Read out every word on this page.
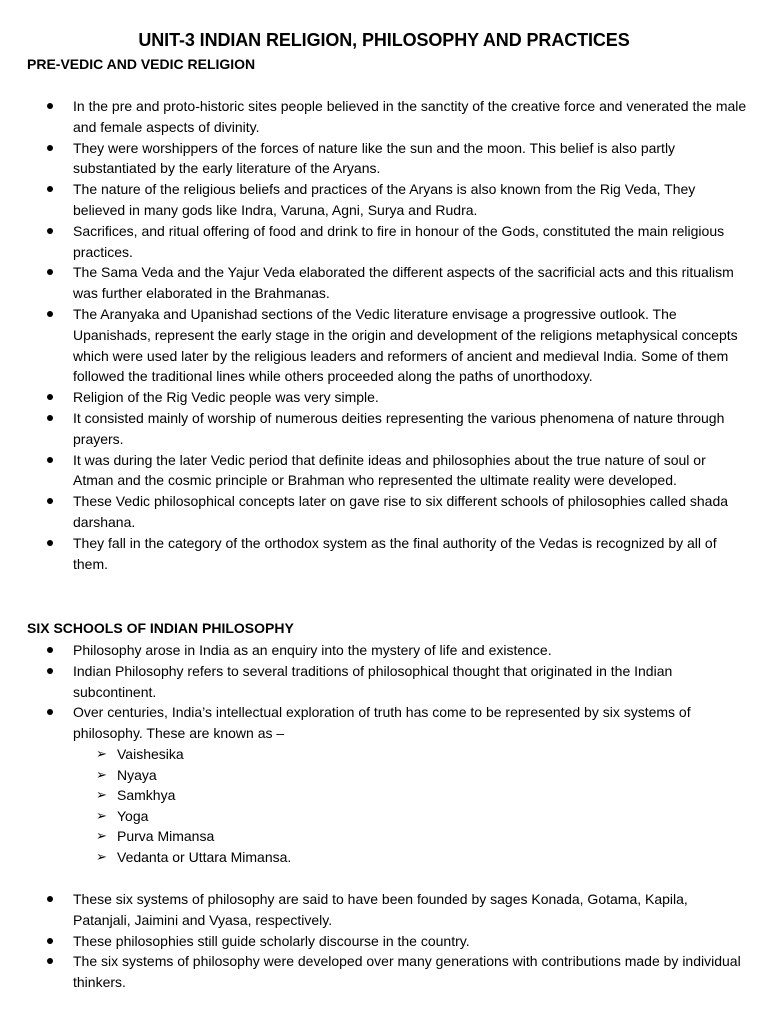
UNIT-3 INDIAN RELIGION, PHILOSOPHY AND PRACTICES
PRE-VEDIC AND VEDIC RELIGION
In the pre and proto-historic sites people believed in the sanctity of the creative force and venerated the male and female aspects of divinity.
They were worshippers of the forces of nature like the sun and the moon. This belief is also partly substantiated by the early literature of the Aryans.
The nature of the religious beliefs and practices of the Aryans is also known from the Rig Veda, They believed in many gods like Indra, Varuna, Agni, Surya and Rudra.
Sacrifices, and ritual offering of food and drink to fire in honour of the Gods, constituted the main religious practices.
The Sama Veda and the Yajur Veda elaborated the different aspects of the sacrificial acts and this ritualism was further elaborated in the Brahmanas.
The Aranyaka and Upanishad sections of the Vedic literature envisage a progressive outlook. The Upanishads, represent the early stage in the origin and development of the religions metaphysical concepts which were used later by the religious leaders and reformers of ancient and medieval India. Some of them followed the traditional lines while others proceeded along the paths of unorthodoxy.
Religion of the Rig Vedic people was very simple.
It consisted mainly of worship of numerous deities representing the various phenomena of nature through prayers.
It was during the later Vedic period that definite ideas and philosophies about the true nature of soul or Atman and the cosmic principle or Brahman who represented the ultimate reality were developed.
These Vedic philosophical concepts later on gave rise to six different schools of philosophies called shada darshana.
They fall in the category of the orthodox system as the final authority of the Vedas is recognized by all of them.
SIX SCHOOLS OF INDIAN PHILOSOPHY
Philosophy arose in India as an enquiry into the mystery of life and existence.
Indian Philosophy refers to several traditions of philosophical thought that originated in the Indian subcontinent.
Over centuries, India’s intellectual exploration of truth has come to be represented by six systems of philosophy. These are known as –
➢ Vaishesika
➢ Nyaya
➢ Samkhya
➢ Yoga
➢ Purva Mimansa
➢ Vedanta or Uttara Mimansa.
These six systems of philosophy are said to have been founded by sages Konada, Gotama, Kapila, Patanjali, Jaimini and Vyasa, respectively.
These philosophies still guide scholarly discourse in the country.
The six systems of philosophy were developed over many generations with contributions made by individual thinkers.
